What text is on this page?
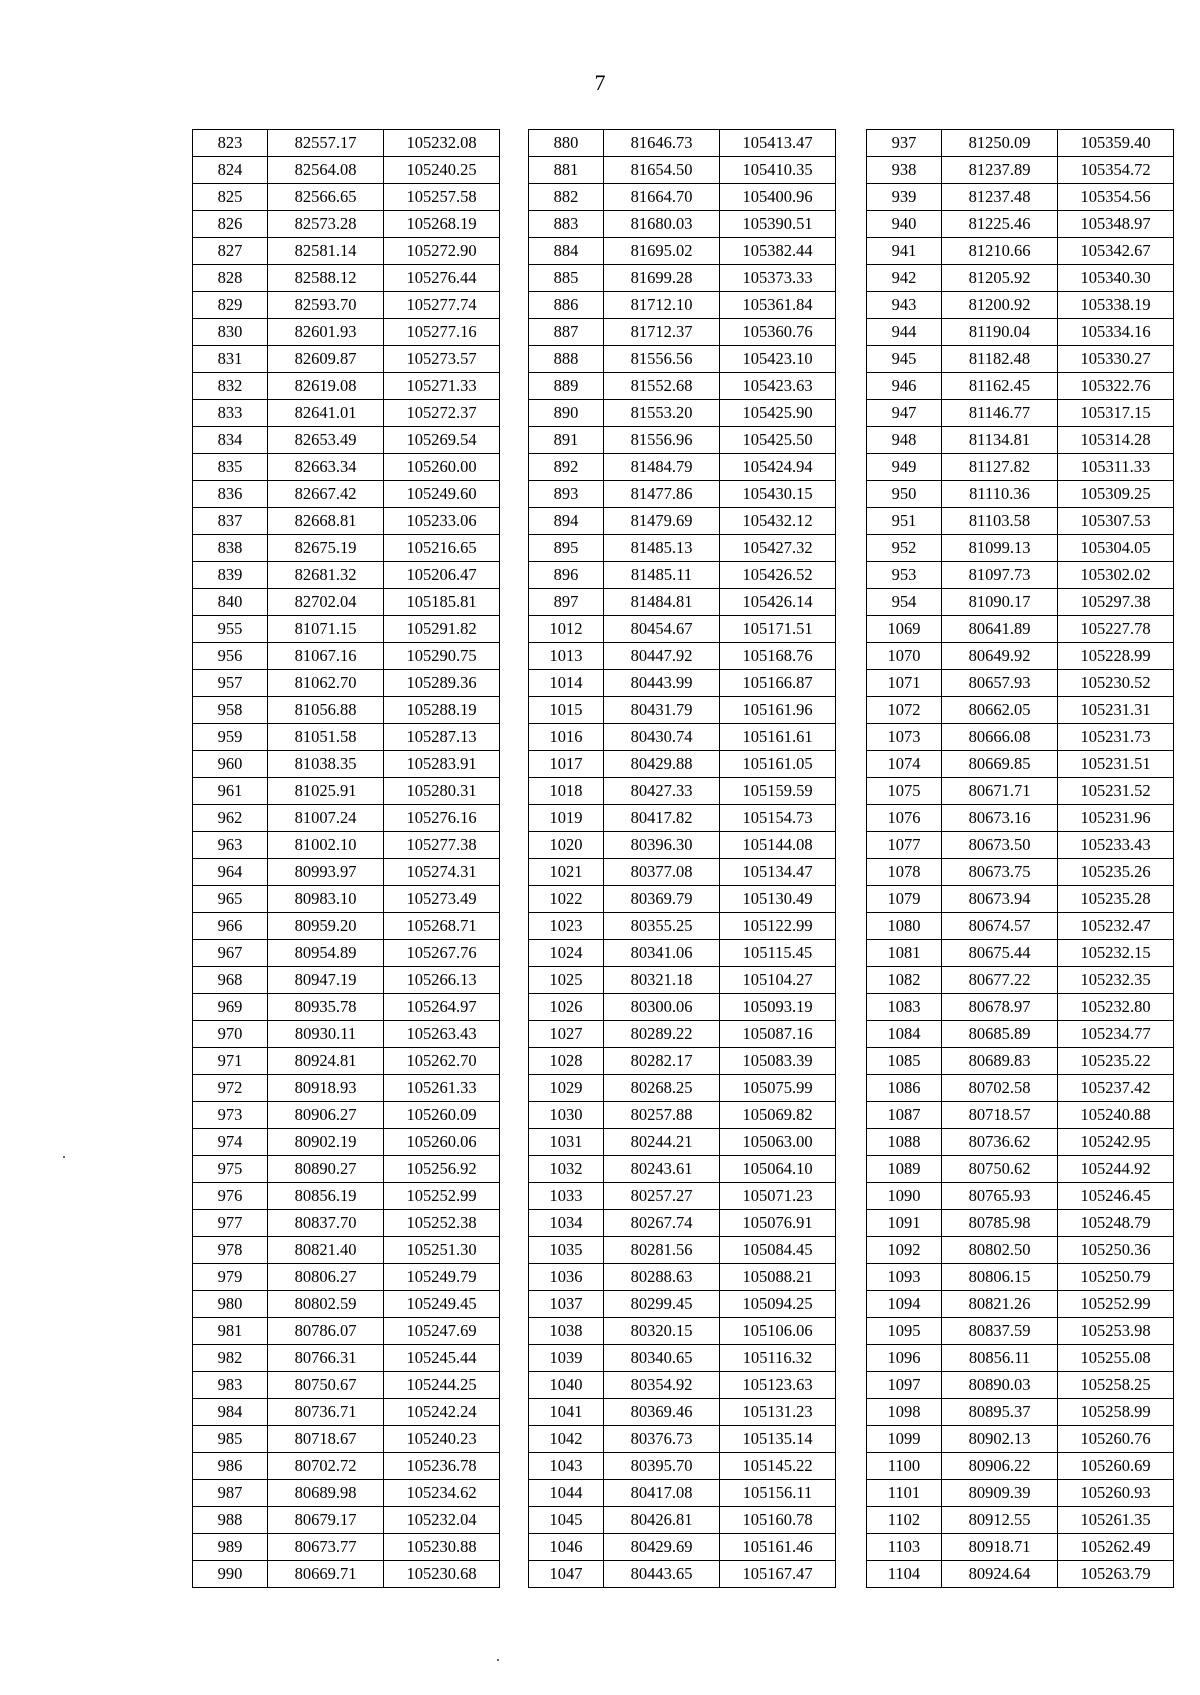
7
823	82557.17	105232.08
824	82564.08	105240.25
825	82566.65	105257.58
826	82573.28	105268.19
827	82581.14	105272.90
828	82588.12	105276.44
829	82593.70	105277.74
830	82601.93	105277.16
831	82609.87	105273.57
832	82619.08	105271.33
833	82641.01	105272.37
834	82653.49	105269.54
835	82663.34	105260.00
836	82667.42	105249.60
837	82668.81	105233.06
838	82675.19	105216.65
839	82681.32	105206.47
840	82702.04	105185.81
955	81071.15	105291.82
956	81067.16	105290.75
957	81062.70	105289.36
958	81056.88	105288.19
959	81051.58	105287.13
960	81038.35	105283.91
961	81025.91	105280.31
962	81007.24	105276.16
963	81002.10	105277.38
964	80993.97	105274.31
965	80983.10	105273.49
966	80959.20	105268.71
967	80954.89	105267.76
968	80947.19	105266.13
969	80935.78	105264.97
970	80930.11	105263.43
971	80924.81	105262.70
972	80918.93	105261.33
973	80906.27	105260.09
974	80902.19	105260.06
975	80890.27	105256.92
976	80856.19	105252.99
977	80837.70	105252.38
978	80821.40	105251.30
979	80806.27	105249.79
980	80802.59	105249.45
981	80786.07	105247.69
982	80766.31	105245.44
983	80750.67	105244.25
984	80736.71	105242.24
985	80718.67	105240.23
986	80702.72	105236.78
987	80689.98	105234.62
988	80679.17	105232.04
989	80673.77	105230.88
990	80669.71	105230.68
880	81646.73	105413.47
881	81654.50	105410.35
882	81664.70	105400.96
883	81680.03	105390.51
884	81695.02	105382.44
885	81699.28	105373.33
886	81712.10	105361.84
887	81712.37	105360.76
888	81556.56	105423.10
889	81552.68	105423.63
890	81553.20	105425.90
891	81556.96	105425.50
892	81484.79	105424.94
893	81477.86	105430.15
894	81479.69	105432.12
895	81485.13	105427.32
896	81485.11	105426.52
897	81484.81	105426.14
1012	80454.67	105171.51
1013	80447.92	105168.76
1014	80443.99	105166.87
1015	80431.79	105161.96
1016	80430.74	105161.61
1017	80429.88	105161.05
1018	80427.33	105159.59
1019	80417.82	105154.73
1020	80396.30	105144.08
1021	80377.08	105134.47
1022	80369.79	105130.49
1023	80355.25	105122.99
1024	80341.06	105115.45
1025	80321.18	105104.27
1026	80300.06	105093.19
1027	80289.22	105087.16
1028	80282.17	105083.39
1029	80268.25	105075.99
1030	80257.88	105069.82
1031	80244.21	105063.00
1032	80243.61	105064.10
1033	80257.27	105071.23
1034	80267.74	105076.91
1035	80281.56	105084.45
1036	80288.63	105088.21
1037	80299.45	105094.25
1038	80320.15	105106.06
1039	80340.65	105116.32
1040	80354.92	105123.63
1041	80369.46	105131.23
1042	80376.73	105135.14
1043	80395.70	105145.22
1044	80417.08	105156.11
1045	80426.81	105160.78
1046	80429.69	105161.46
1047	80443.65	105167.47
937	81250.09	105359.40
938	81237.89	105354.72
939	81237.48	105354.56
940	81225.46	105348.97
941	81210.66	105342.67
942	81205.92	105340.30
943	81200.92	105338.19
944	81190.04	105334.16
945	81182.48	105330.27
946	81162.45	105322.76
947	81146.77	105317.15
948	81134.81	105314.28
949	81127.82	105311.33
950	81110.36	105309.25
951	81103.58	105307.53
952	81099.13	105304.05
953	81097.73	105302.02
954	81090.17	105297.38
1069	80641.89	105227.78
1070	80649.92	105228.99
1071	80657.93	105230.52
1072	80662.05	105231.31
1073	80666.08	105231.73
1074	80669.85	105231.51
1075	80671.71	105231.52
1076	80673.16	105231.96
1077	80673.50	105233.43
1078	80673.75	105235.26
1079	80673.94	105235.28
1080	80674.57	105232.47
1081	80675.44	105232.15
1082	80677.22	105232.35
1083	80678.97	105232.80
1084	80685.89	105234.77
1085	80689.83	105235.22
1086	80702.58	105237.42
1087	80718.57	105240.88
1088	80736.62	105242.95
1089	80750.62	105244.92
1090	80765.93	105246.45
1091	80785.98	105248.79
1092	80802.50	105250.36
1093	80806.15	105250.79
1094	80821.26	105252.99
1095	80837.59	105253.98
1096	80856.11	105255.08
1097	80890.03	105258.25
1098	80895.37	105258.99
1099	80902.13	105260.76
1100	80906.22	105260.69
1101	80909.39	105260.93
1102	80912.55	105261.35
1103	80918.71	105262.49
1104	80924.64	105263.79
